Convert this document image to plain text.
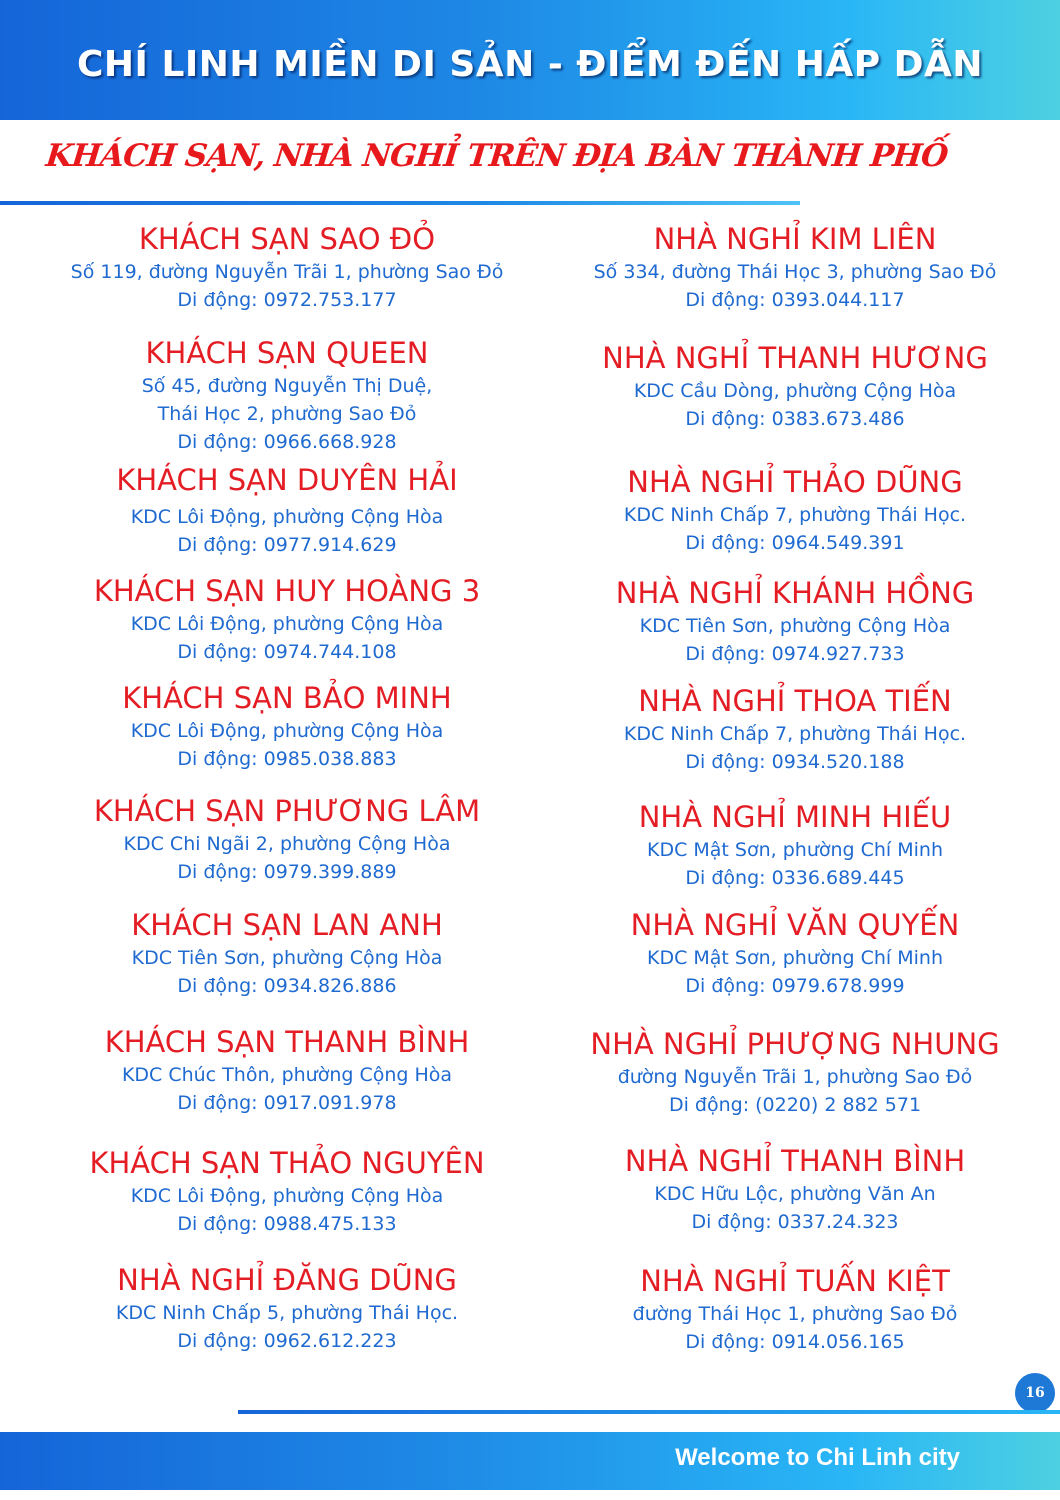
CHÍ LINH MIỀN DI SẢN - ĐIỂM ĐẾN HẤP DẪN
KHÁCH SẠN, NHÀ NGHỈ TRÊN ĐỊA BÀN THÀNH PHỐ
KHÁCH SẠN SAO ĐỎ
Số 119, đường Nguyễn Trãi 1, phường Sao Đỏ
Di động: 0972.753.177
KHÁCH SẠN QUEEN
Số 45, đường Nguyễn Thị Duệ,
Thái Học 2, phường Sao Đỏ
Di động: 0966.668.928
KHÁCH SẠN DUYÊN HẢI
KDC Lôi Động, phường Cộng Hòa
Di động: 0977.914.629
KHÁCH SẠN HUY HOÀNG 3
KDC Lôi Động, phường Cộng Hòa
Di động: 0974.744.108
KHÁCH SẠN BẢO MINH
KDC Lôi Động, phường Cộng Hòa
Di động: 0985.038.883
KHÁCH SẠN PHƯƠNG LÂM
KDC Chi Ngãi 2, phường Cộng Hòa
Di động: 0979.399.889
KHÁCH SẠN LAN ANH
KDC Tiên Sơn, phường Cộng Hòa
Di động: 0934.826.886
KHÁCH SẠN THANH BÌNH
KDC Chúc Thôn, phường Cộng Hòa
Di động: 0917.091.978
KHÁCH SẠN THẢO NGUYÊN
KDC Lôi Động, phường Cộng Hòa
Di động: 0988.475.133
NHÀ NGHỈ ĐĂNG DŨNG
KDC Ninh Chấp 5, phường Thái Học.
Di động: 0962.612.223
NHÀ NGHỈ KIM LIÊN
Số 334, đường Thái Học 3, phường Sao Đỏ
Di động: 0393.044.117
NHÀ NGHỈ THANH HƯƠNG
KDC Cầu Dòng, phường Cộng Hòa
Di động: 0383.673.486
NHÀ NGHỈ THẢO DŨNG
KDC Ninh Chấp 7, phường Thái Học.
Di động: 0964.549.391
NHÀ NGHỈ KHÁNH HỒNG
KDC Tiên Sơn, phường Cộng Hòa
Di động: 0974.927.733
NHÀ NGHỈ THOA TIẾN
KDC Ninh Chấp 7, phường Thái Học.
Di động: 0934.520.188
NHÀ NGHỈ MINH HIẾU
KDC Mật Sơn, phường Chí Minh
Di động: 0336.689.445
NHÀ NGHỈ VĂN QUYẾN
KDC Mật Sơn, phường Chí Minh
Di động: 0979.678.999
NHÀ NGHỈ PHƯỢNG NHUNG
đường Nguyễn Trãi 1, phường Sao Đỏ
Di động: (0220) 2 882 571
NHÀ NGHỈ THANH BÌNH
KDC Hữu Lộc, phường Văn An
Di động: 0337.24.323
NHÀ NGHỈ TUẤN KIỆT
đường Thái Học 1, phường Sao Đỏ
Di động: 0914.056.165
16
Welcome to Chi Linh city
